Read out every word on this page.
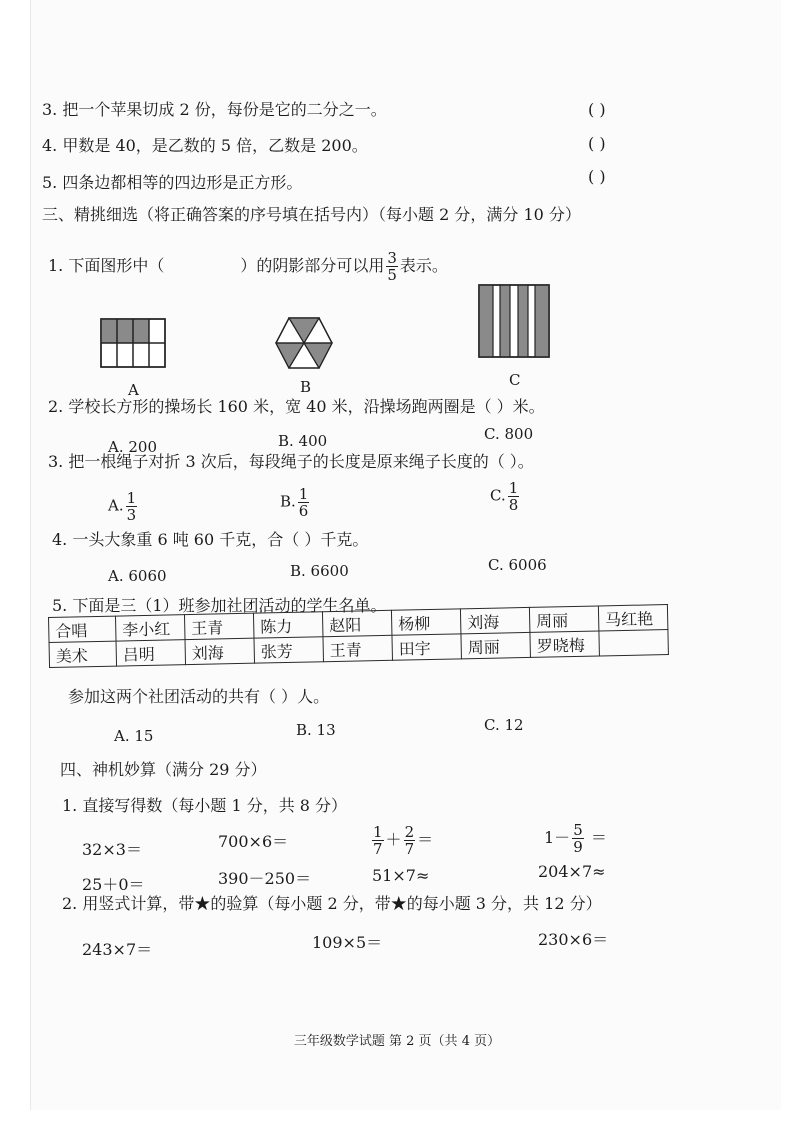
3. 把一个苹果切成 2 份，每份是它的二分之一。	( )
4. 甲数是 40，是乙数的 5 倍，乙数是 200。	( )
5. 四条边都相等的四边形是正方形。	( )
三、精挑细选（将正确答案的序号填在括号内）（每小题 2 分，满分 10 分）
1. 下面图形中（	）的阴影部分可以用 $\frac{3}{5}$ 表示。
A	B	C
2. 学校长方形的操场长 160 米，宽 40 米，沿操场跑两圈是（ ）米。
A. 200	B. 400	C. 800
3. 把一根绳子对折 3 次后，每段绳子的长度是原来绳子长度的（ ）。
A. $\frac{1}{3}$	B. $\frac{1}{6}$	C. $\frac{1}{8}$
4. 一头大象重 6 吨 60 千克，合（ ）千克。
A. 6060	B. 6600	C. 6006
5. 下面是三（1）班参加社团活动的学生名单。
合唱	李小红	王青	陈力	赵阳	杨柳	刘海	周丽	马红艳
美术	吕明	刘海	张芳	王青	田宇	周丽	罗晓梅	
参加这两个社团活动的共有（ ）人。
A. 15	B. 13	C. 12
四、神机妙算（满分 29 分）
1. 直接写得数（每小题 1 分，共 8 分）
32×3＝	700×6＝	$\frac{1}{7} + \frac{2}{7}$ ＝	$1- \frac{5}{9}$ ＝
25＋0＝	390－250＝	51×7≈	204×7≈
2. 用竖式计算，带★的验算（每小题 2 分，带★的每小题 3 分，共 12 分）
243×7＝	109×5＝	230×6＝
三年级数学试题 第 2 页（共 4 页）
